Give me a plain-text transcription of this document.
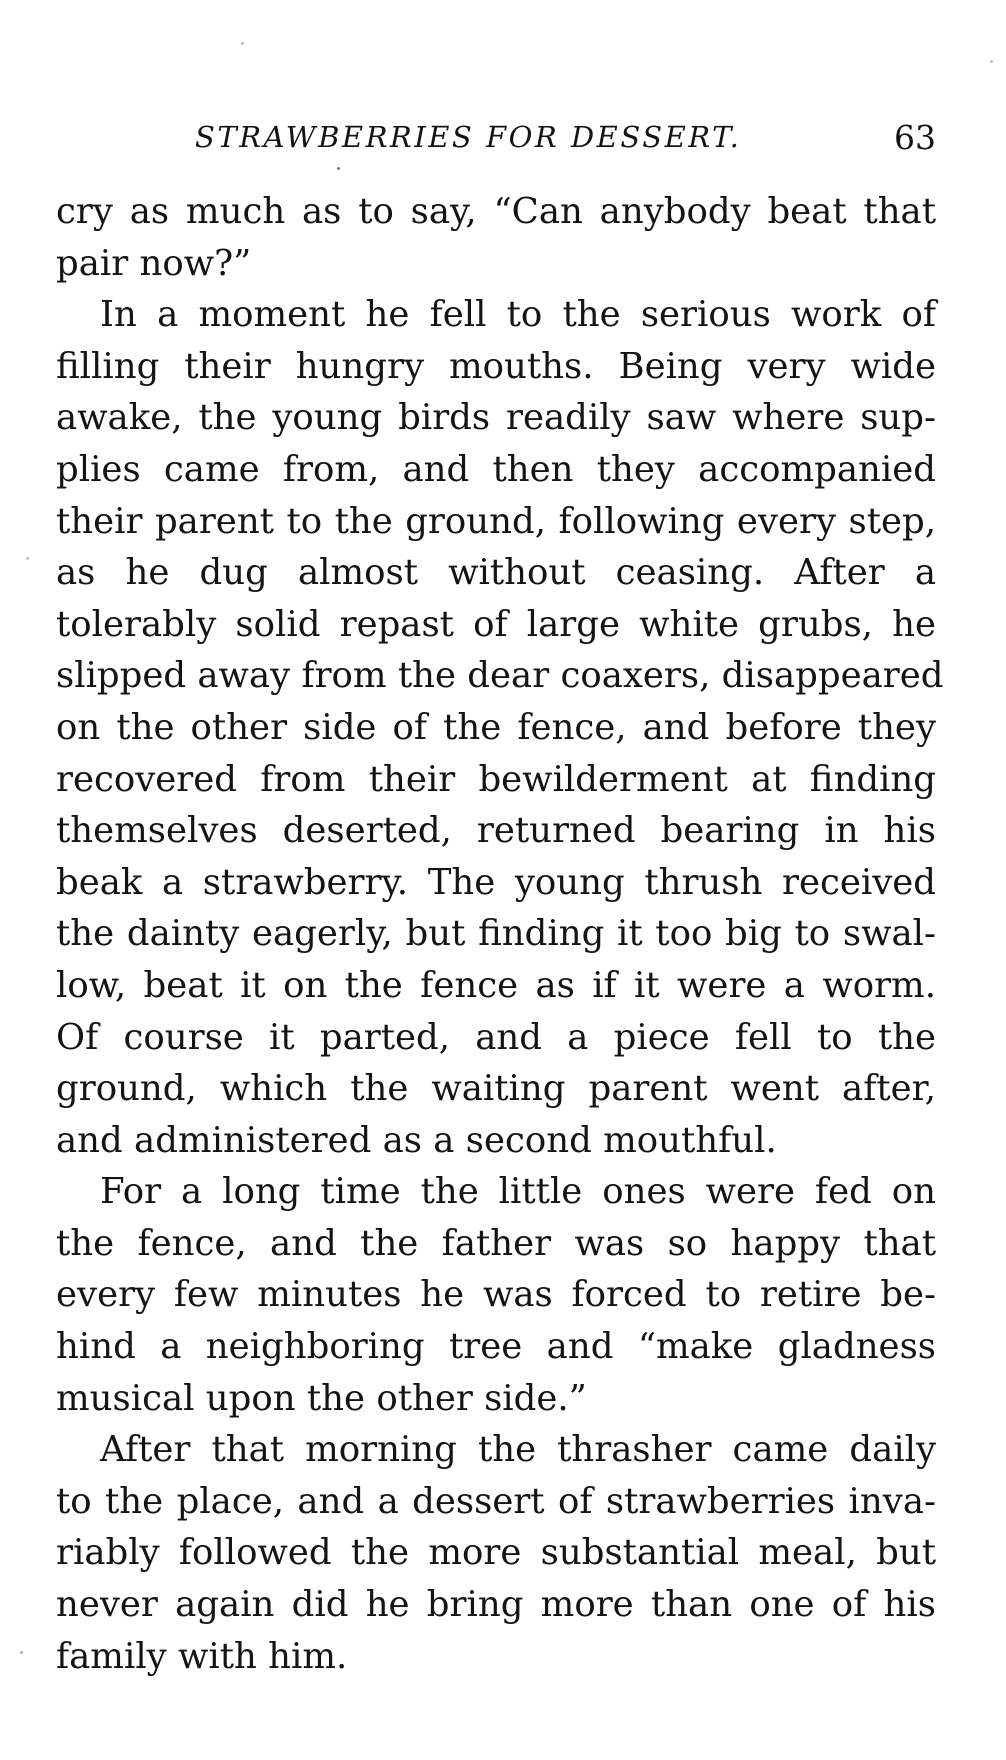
STRAWBERRIES FOR DESSERT.	63
cry as much as to say, “Can anybody beat that
pair now?”
In a moment he fell to the serious work of
filling their hungry mouths. Being very wide
awake, the young birds readily saw where sup-
plies came from, and then they accompanied
their parent to the ground, following every step,
as he dug almost without ceasing. After a
tolerably solid repast of large white grubs, he
slipped away from the dear coaxers, disappeared
on the other side of the fence, and before they
recovered from their bewilderment at finding
themselves deserted, returned bearing in his
beak a strawberry. The young thrush received
the dainty eagerly, but finding it too big to swal-
low, beat it on the fence as if it were a worm.
Of course it parted, and a piece fell to the
ground, which the waiting parent went after,
and administered as a second mouthful.
For a long time the little ones were fed on
the fence, and the father was so happy that
every few minutes he was forced to retire be-
hind a neighboring tree and “make gladness
musical upon the other side.”
After that morning the thrasher came daily
to the place, and a dessert of strawberries inva-
riably followed the more substantial meal, but
never again did he bring more than one of his
family with him.
